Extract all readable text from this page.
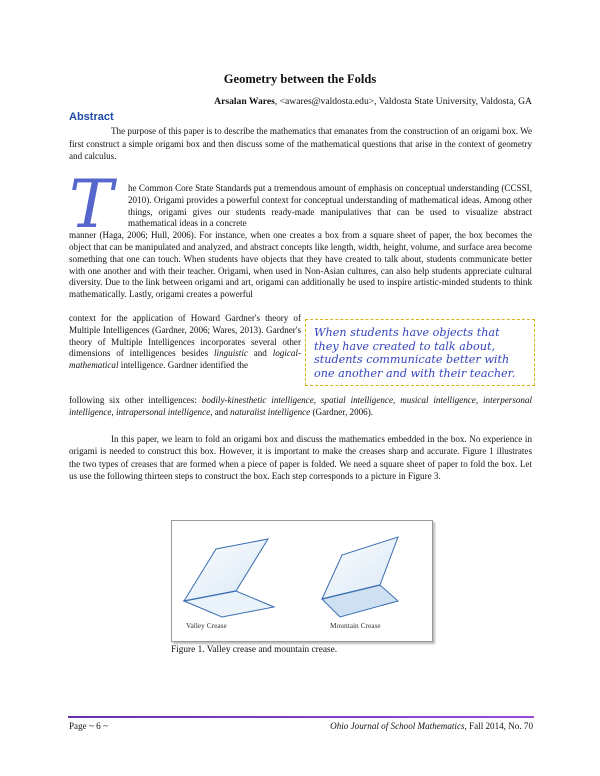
Geometry between the Folds
Arsalan Wares, <awares@valdosta.edu>, Valdosta State University, Valdosta, GA
Abstract
The purpose of this paper is to describe the mathematics that emanates from the construction of an origami box. We first construct a simple origami box and then discuss some of the mathematical questions that arise in the context of geometry and calculus.
T	he Common Core State Standards put a tremendous amount of emphasis on conceptual understanding (CCSSI, 2010). Origami provides a powerful context for conceptual understanding of mathematical ideas. Among other things, origami gives our students ready-made manipulatives that can be used to visualize abstract mathematical ideas in a concrete
manner (Haga, 2006; Hull, 2006). For instance, when one creates a box from a square sheet of paper, the box becomes the object that can be manipulated and analyzed, and abstract concepts like length, width, height, volume, and surface area become something that one can touch. When students have objects that they have created to talk about, students communicate better with one another and with their teacher. Origami, when used in Non-Asian cultures, can also help students appreciate cultural diversity. Due to the link between origami and art, origami can additionally be used to inspire artistic-minded students to think mathematically. Lastly, origami creates a powerful
context for the application of Howard Gardner's theory of Multiple Intelligences (Gardner, 2006; Wares, 2013). Gardner's theory of Multiple Intelligences incorporates several other dimensions of intelligences besides linguistic and logical-mathematical intelligence. Gardner identified the
When students have objects that they have created to talk about, students communicate better with one another and with their teacher.
following six other intelligences: bodily-kinesthetic intelligence, spatial intelligence, musical intelligence, interpersonal intelligence, intrapersonal intelligence, and naturalist intelligence (Gardner, 2006).
In this paper, we learn to fold an origami box and discuss the mathematics embedded in the box. No experience in origami is needed to construct this box. However, it is important to make the creases sharp and accurate. Figure 1 illustrates the two types of creases that are formed when a piece of paper is folded. We need a square sheet of paper to fold the box. Let us use the following thirteen steps to construct the box. Each step corresponds to a picture in Figure 3.
Valley Crease	Mountain Crease
Figure 1. Valley crease and mountain crease.
Page ~ 6 ~	Ohio Journal of School Mathematics, Fall 2014, No. 70
